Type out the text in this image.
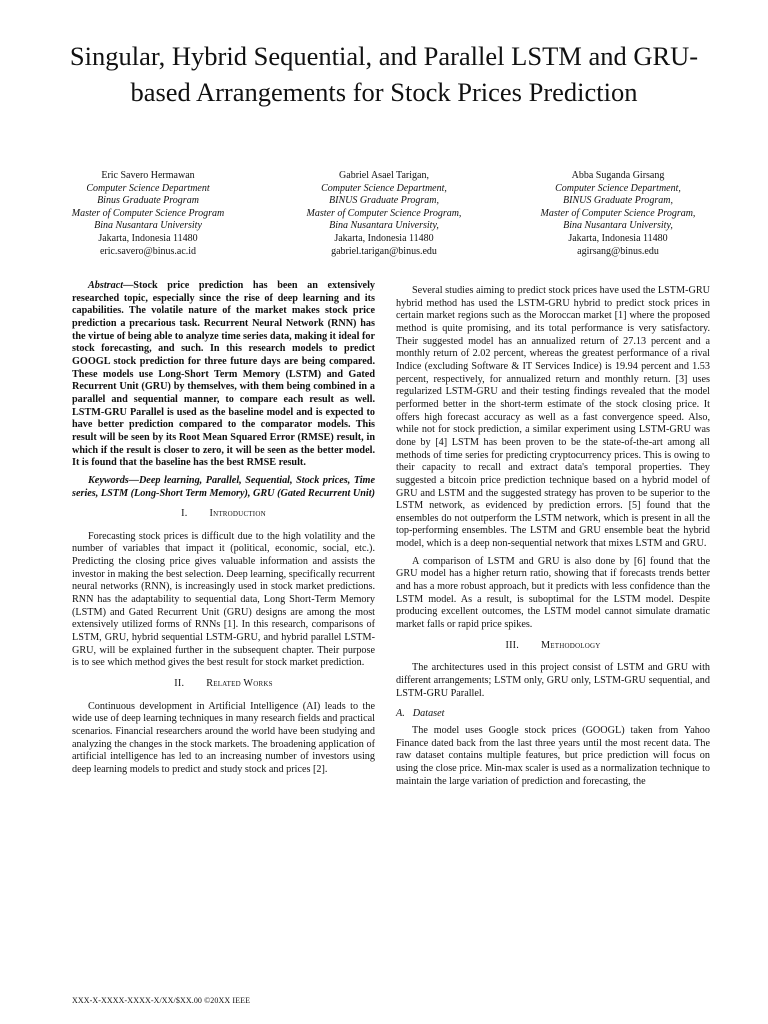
Singular, Hybrid Sequential, and Parallel LSTM and GRU-based Arrangements for Stock Prices Prediction
Eric Savero Hermawan
Computer Science Department
Binus Graduate Program
Master of Computer Science Program
Bina Nusantara University
Jakarta, Indonesia 11480
eric.savero@binus.ac.id
Gabriel Asael Tarigan,
Computer Science Department,
BINUS Graduate Program,
Master of Computer Science Program,
Bina Nusantara University,
Jakarta, Indonesia 11480
gabriel.tarigan@binus.edu
Abba Suganda Girsang
Computer Science Department,
BINUS Graduate Program,
Master of Computer Science Program,
Bina Nusantara University,
Jakarta, Indonesia 11480
agirsang@binus.edu

Abstract—Stock price prediction has been an extensively researched topic, especially since the rise of deep learning and its capabilities. The volatile nature of the market makes stock price prediction a precarious task. Recurrent Neural Network (RNN) has the virtue of being able to analyze time series data, making it ideal for stock forecasting, and such. In this research models to predict GOOGL stock prediction for three future days are being compared. These models use Long-Short Term Memory (LSTM) and Gated Recurrent Unit (GRU) by themselves, with them being combined in a parallel and sequential manner, to compare each result as well. LSTM-GRU Parallel is used as the baseline model and is expected to have better prediction compared to the comparator models. This result will be seen by its Root Mean Squared Error (RMSE) result, in which if the result is closer to zero, it will be seen as the better model. It is found that the baseline has the best RMSE result.

Keywords—Deep learning, Parallel, Sequential, Stock prices, Time series, LSTM (Long-Short Term Memory), GRU (Gated Recurrent Unit)

I. Introduction

Forecasting stock prices is difficult due to the high volatility and the number of variables that impact it (political, economic, social, etc.). Predicting the closing price gives valuable information and assists the investor in making the best selection. Deep learning, specifically recurrent neural networks (RNN), is increasingly used in stock market predictions. RNN has the adaptability to sequential data, Long Short-Term Memory (LSTM) and Gated Recurrent Unit (GRU) designs are among the most extensively utilized forms of RNNs [1]. In this research, comparisons of LSTM, GRU, hybrid sequential LSTM-GRU, and hybrid parallel LSTM-GRU, will be explained further in the subsequent chapter. Their purpose is to see which method gives the best result for stock market prediction.

II. Related Works

Continuous development in Artificial Intelligence (AI) leads to the wide use of deep learning techniques in many research fields and practical scenarios. Financial researchers around the world have been studying and analyzing the changes in the stock markets. The broadening application of artificial intelligence has led to an increasing number of investors using deep learning models to predict and study stock and prices [2].

Several studies aiming to predict stock prices have used the LSTM-GRU hybrid method has used the LSTM-GRU hybrid to predict stock prices in certain market regions such as the Moroccan market [1] where the proposed method is quite promising, and its total performance is very satisfactory. Their suggested model has an annualized return of 27.13 percent and a monthly return of 2.02 percent, whereas the greatest performance of a rival Indice (excluding Software & IT Services Indice) is 19.94 percent and 1.53 percent, respectively, for annualized return and monthly return. [3] uses regularized LSTM-GRU and their testing findings revealed that the model performed better in the short-term estimate of the stock closing price. It offers high forecast accuracy as well as a fast convergence speed. Also, while not for stock prediction, a similar experiment using LSTM-GRU was done by [4] LSTM has been proven to be the state-of-the-art among all methods of time series for predicting cryptocurrency prices. This is owing to their capacity to recall and extract data's temporal properties. They suggested a bitcoin price prediction technique based on a hybrid model of GRU and LSTM and the suggested strategy has proven to be superior to the LSTM network, as evidenced by prediction errors. [5] found that the ensembles do not outperform the LSTM network, which is present in all the top-performing ensembles. The LSTM and GRU ensemble beat the hybrid model, which is a deep non-sequential network that mixes LSTM and GRU.

A comparison of LSTM and GRU is also done by [6] found that the GRU model has a higher return ratio, showing that if forecasts trends better and has a more robust approach, but it predicts with less confidence than the LSTM model. As a result, is suboptimal for the LSTM model. Despite producing excellent outcomes, the LSTM model cannot simulate dramatic market falls or rapid price spikes.

III. Methodology

The architectures used in this project consist of LSTM and GRU with different arrangements; LSTM only, GRU only, LSTM-GRU sequential, and LSTM-GRU Parallel.

A. Dataset

The model uses Google stock prices (GOOGL) taken from Yahoo Finance dated back from the last three years until the most recent data. The raw dataset contains multiple features, but price prediction will focus on using the close price. Min-max scaler is used as a normalization technique to maintain the large variation of prediction and forecasting, the

XXX-X-XXXX-XXXX-X/XX/$XX.00 ©20XX IEEE
